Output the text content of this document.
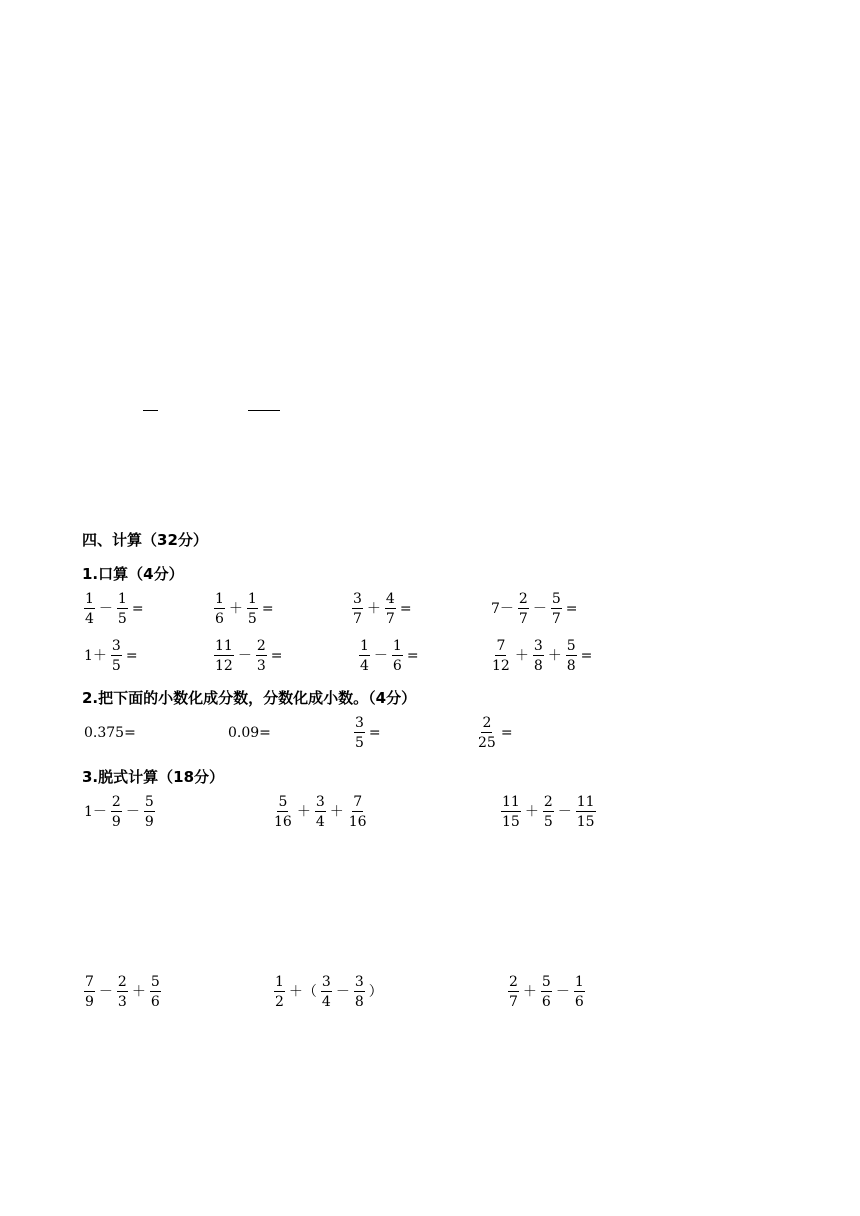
四、计算（32分）
1.口算（4分）
$\frac{1}{4} - \frac{1}{5}$ =	$\frac{1}{6} + \frac{1}{5}$ =	$\frac{3}{7} + \frac{4}{7}$ =	$7- \frac{2}{7} - \frac{5}{7}$ =
$1+ \frac{3}{5}$ =	$\frac{11}{12} - \frac{2}{3}$ =	$\frac{1}{4} - \frac{1}{6}$ =	$\frac{7}{12} + \frac{3}{8} + \frac{5}{8}$ =
2.把下面的小数化成分数，分数化成小数。（4分）
0.375=	0.09=	$\frac{3}{5}$ =	$\frac{2}{25}$ =
3.脱式计算（18分）
$1- \frac{2}{9} - \frac{5}{9}$	$\frac{5}{16} + \frac{3}{4} + \frac{7}{16}$	$\frac{11}{15} + \frac{2}{5} - \frac{11}{15}$
$\frac{7}{9} - \frac{2}{3} + \frac{5}{6}$	$\frac{1}{2}$ ＋（ $\frac{3}{4} - \frac{3}{8}$ ）	$\frac{2}{7} + \frac{5}{6} - \frac{1}{6}$
